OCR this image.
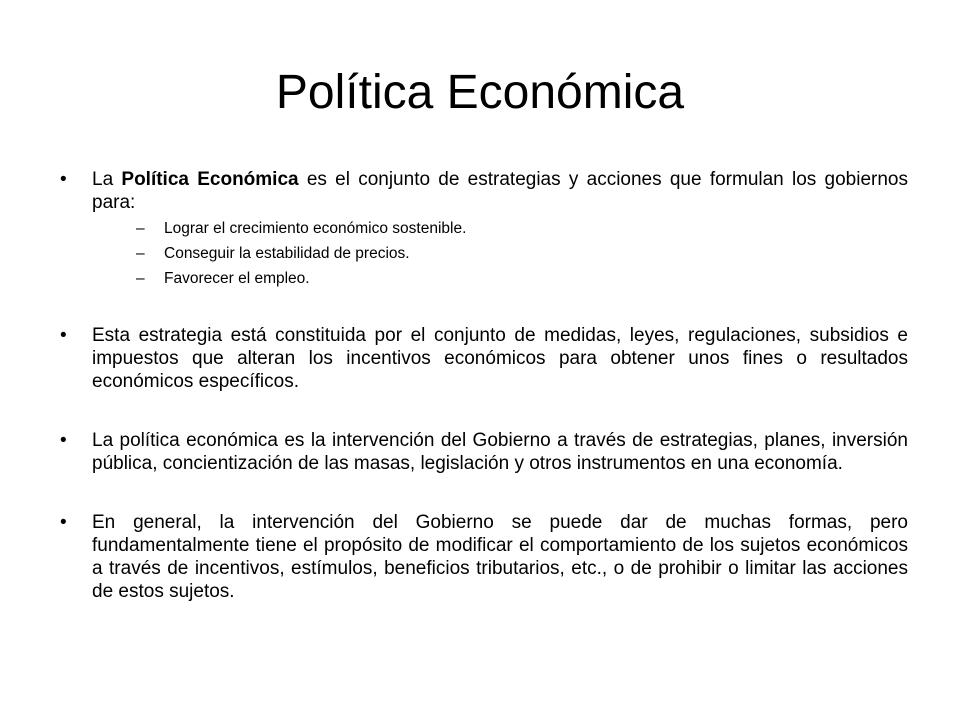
Política Económica
•	La Política Económica es el conjunto de estrategias y acciones que formulan los gobiernos para:
– Lograr el crecimiento económico sostenible.
– Conseguir la estabilidad de precios.
– Favorecer el empleo.
•	Esta estrategia está constituida por el conjunto de medidas, leyes, regulaciones, subsidios e impuestos que alteran los incentivos económicos para obtener unos fines o resultados económicos específicos.
•	La política económica es la intervención del Gobierno a través de estrategias, planes, inversión pública, concientización de las masas, legislación y otros instrumentos en una economía.
•	En general, la intervención del Gobierno se puede dar de muchas formas, pero fundamentalmente tiene el propósito de modificar el comportamiento de los sujetos económicos a través de incentivos, estímulos, beneficios tributarios, etc., o de prohibir o limitar las acciones de estos sujetos.
